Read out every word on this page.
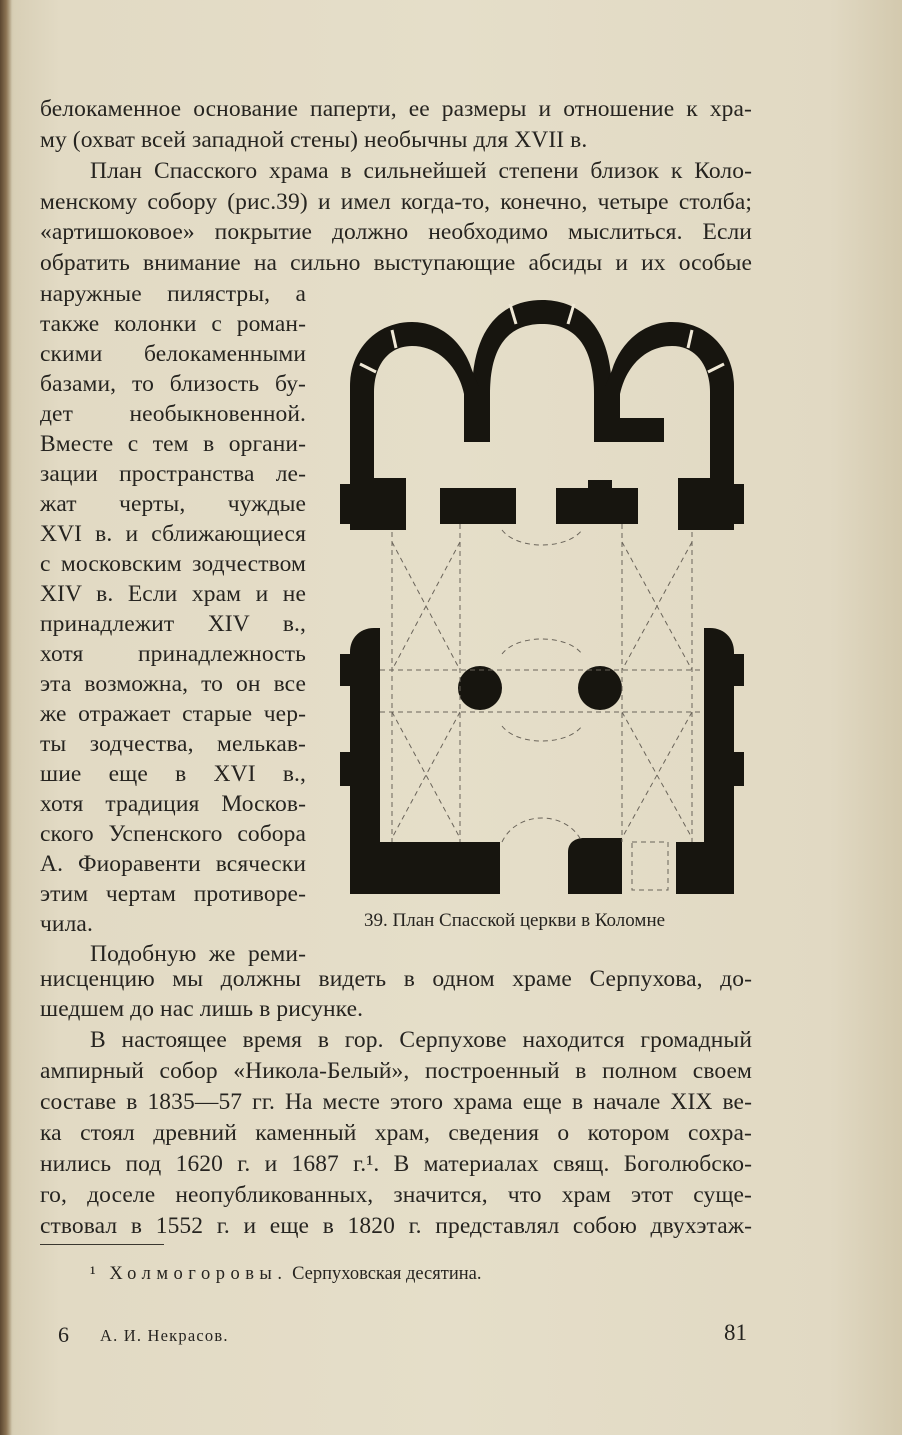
белокаменное основание паперти, ее размеры и отношение к хра-
му (охват всей западной стены) необычны для XVII в.
План Спасского храма в сильнейшей степени близок к Коло-
менскому собору (рис.39) и имел когда-то, конечно, четыре столба;
«артишоковое» покрытие должно необходимо мыслиться. Если
обратить внимание на сильно выступающие абсиды и их особые
наружные пилястры, а
также колонки с роман-
скими белокаменными
базами, то близость бу-
дет необыкновенной.
Вместе с тем в органи-
зации пространства ле-
жат черты, чуждые
XVI в. и сближающиеся
с московским зодчеством
XIV в. Если храм и не
принадлежит XIV в.,
хотя принадлежность
эта возможна, то он все
же отражает старые чер-
ты зодчества, мелькав-
шие еще в XVI в.,
хотя традиция Москов-
ского Успенского собора
А. Фиоравенти всячески
этим чертам противоре-
чила.
Подобную же реми-
39. План Спасской церкви в Коломне
нисценцию мы должны видеть в одном храме Серпухова, до-
шедшем до нас лишь в рисунке.
В настоящее время в гор. Серпухове находится громадный
ампирный собор «Никола-Белый», построенный в полном своем
составе в 1835—57 гг. На месте этого храма еще в начале XIX ве-
ка стоял древний каменный храм, сведения о котором сохра-
нились под 1620 г. и 1687 г.¹. В материалах свящ. Боголюбско-
го, доселе неопубликованных, значится, что храм этот суще-
ствовал в 1552 г. и еще в 1820 г. представлял собою двухэтаж-
¹ Холмогоровы. Серпуховская десятина.
6 А. И. Некрасов.	81
